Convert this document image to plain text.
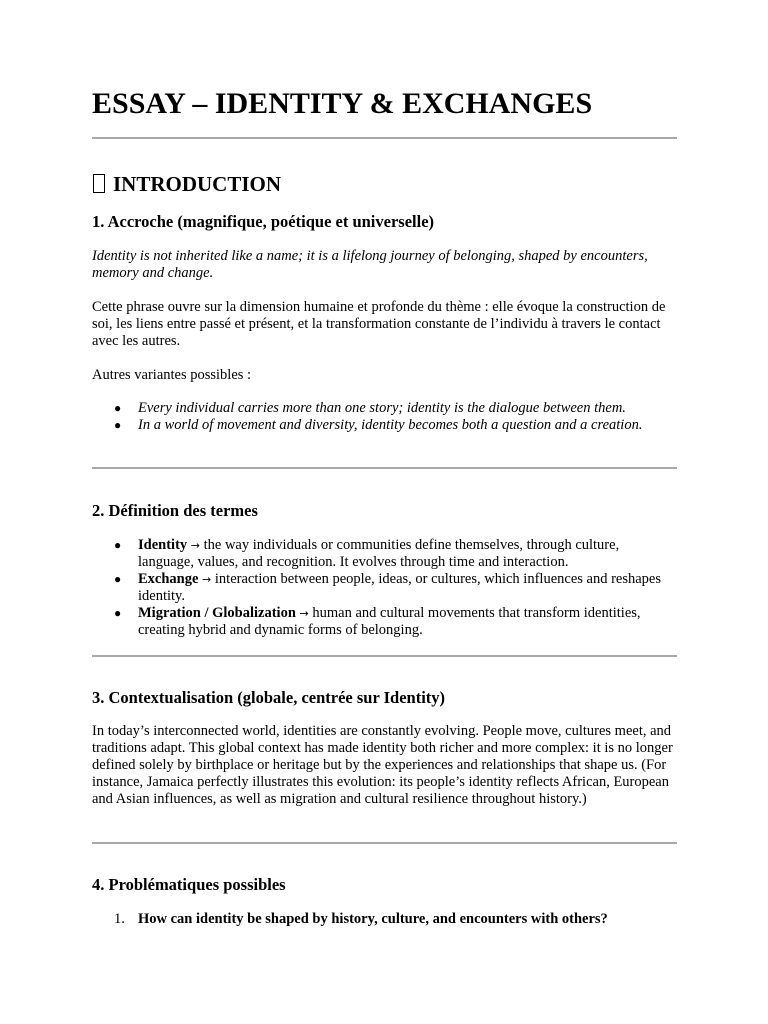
ESSAY – IDENTITY & EXCHANGES
INTRODUCTION
1. Accroche (magnifique, poétique et universelle)

Identity is not inherited like a name; it is a lifelong journey of belonging, shaped by encounters, memory and change.

Cette phrase ouvre sur la dimension humaine et profonde du thème : elle évoque la construction de soi, les liens entre passé et présent, et la transformation constante de l’individu à travers le contact avec les autres.

Autres variantes possibles :

● Every individual carries more than one story; identity is the dialogue between them.
● In a world of movement and diversity, identity becomes both a question and a creation.
2. Définition des termes
● Identity → the way individuals or communities define themselves, through culture, language, values, and recognition. It evolves through time and interaction.
● Exchange → interaction between people, ideas, or cultures, which influences and reshapes identity.
● Migration / Globalization → human and cultural movements that transform identities, creating hybrid and dynamic forms of belonging.
3. Contextualisation (globale, centrée sur Identity)

In today’s interconnected world, identities are constantly evolving. People move, cultures meet, and traditions adapt. This global context has made identity both richer and more complex: it is no longer defined solely by birthplace or heritage but by the experiences and relationships that shape us. (For instance, Jamaica perfectly illustrates this evolution: its people’s identity reflects African, European and Asian influences, as well as migration and cultural resilience throughout history.)

4. Problématiques possibles
1. How can identity be shaped by history, culture, and encounters with others?
